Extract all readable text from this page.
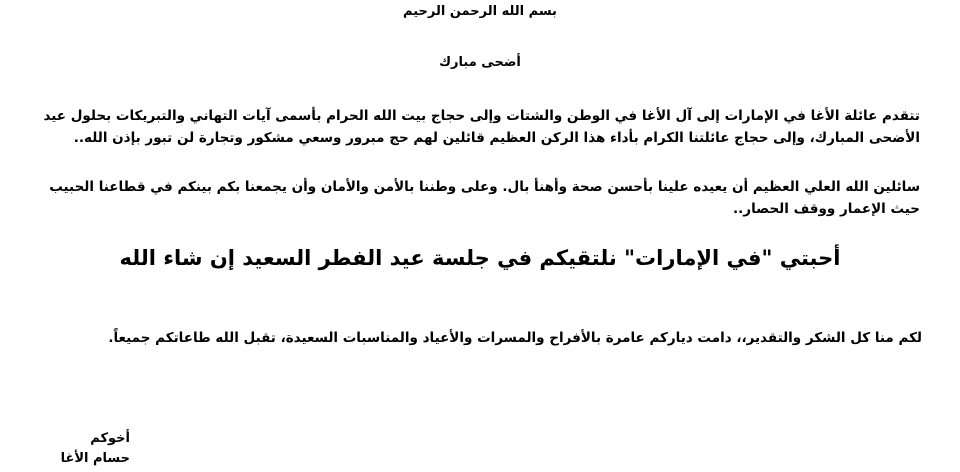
بسم الله الرحمن الرحيم
أضحى مبارك
تتقدم عائلة الأغا في الإمارات إلى آل الأغا في الوطن والشتات وإلى حجاج بيت الله الحرام بأسمى آيات التهاني والتبريكات بحلول عيد
الأضحى المبارك، وإلى حجاج عائلتنا الكرام بأداء هذا الركن العظيم قائلين لهم حج مبرور وسعي مشكور وتجارة لن تبور بإذن الله..
سائلين الله العلي العظيم أن يعيده علينا بأحسن صحة وأهنأ بال. وعلى وطننا بالأمن والأمان وأن يجمعنا بكم بينكم في قطاعنا الحبيب
حيث الإعمار ووقف الحصار..
أحبتي "في الإمارات" نلتقيكم في جلسة عيد الفطر السعيد إن شاء الله
لكم منا كل الشكر والتقدير،، دامت دياركم عامرة بالأفراح والمسرات والأعياد والمناسبات السعيدة، تقبل الله طاعاتكم جميعاً.
أخوكم
حسام الأغا
